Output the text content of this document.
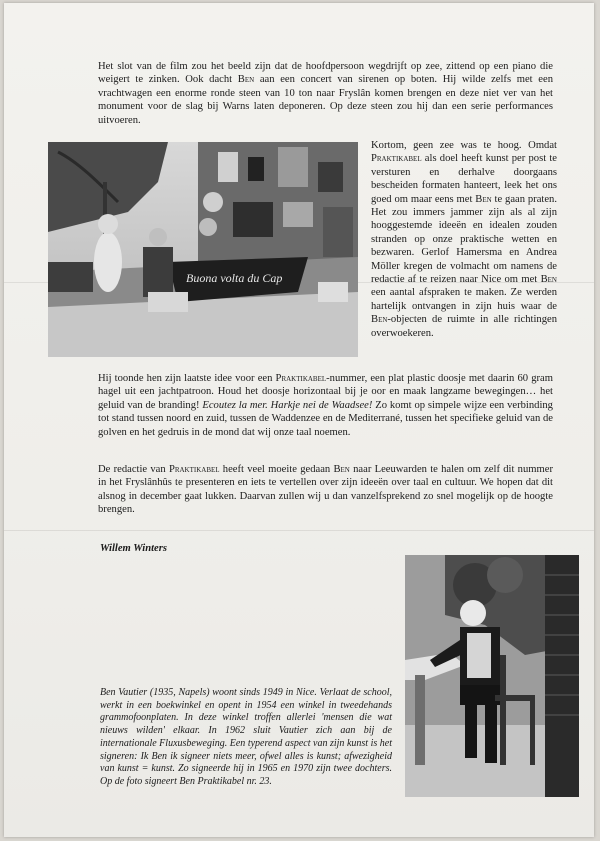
Het slot van de film zou het beeld zijn dat de hoofdpersoon wegdrijft op zee, zittend op een piano die weigert te zinken. Ook dacht Ben aan een concert van sirenen op boten. Hij wilde zelfs met een vrachtwagen een enorme ronde steen van 10 ton naar Fryslân komen brengen en deze niet ver van het monument voor de slag bij Warns laten deponeren. Op deze steen zou hij dan een serie performances uitvoeren.

Buona volta du Cap

Kortom, geen zee was te hoog. Omdat Praktikabel als doel heeft kunst per post te versturen en derhalve doorgaans bescheiden formaten hanteert, leek het ons goed om maar eens met Ben te gaan praten. Het zou immers jammer zijn als al zijn hooggestemde ideeën en idealen zouden stranden op onze praktische wetten en bezwaren. Gerlof Hamersma en Andrea Möller kregen de volmacht om namens de redactie af te reizen naar Nice om met Ben een aantal afspraken te maken. Ze werden hartelijk ontvangen in zijn huis waar de Ben-objecten de ruimte in alle richtingen overwoekeren.

Hij toonde hen zijn laatste idee voor een Praktikabel-nummer, een plat plastic doosje met daarin 60 gram hagel uit een jachtpatroon. Houd het doosje horizontaal bij je oor en maak langzame bewegingen… het geluid van de branding! Ecoutez la mer. Harkje nei de Waadsee! Zo komt op simpele wijze een verbinding tot stand tussen noord en zuid, tussen de Waddenzee en de Mediterrané, tussen het specifieke geluid van de golven en het gedruis in de mond dat wij onze taal noemen.

De redactie van Praktikabel heeft veel moeite gedaan Ben naar Leeuwarden te halen om zelf dit nummer in het Fryslânhûs te presenteren en iets te vertellen over zijn ideeën over taal en cultuur. We hopen dat dit alsnog in december gaat lukken. Daarvan zullen wij u dan vanzelfsprekend zo snel mogelijk op de hoogte brengen.

Willem Winters

Ben Vautier (1935, Napels) woont sinds 1949 in Nice. Verlaat de school, werkt in een boekwinkel en opent in 1954 een winkel in tweedehands grammofoonplaten. In deze winkel troffen allerlei 'mensen die wat nieuws wilden' elkaar. In 1962 sluit Vautier zich aan bij de internationale Fluxusbeweging. Een typerend aspect van zijn kunst is het signeren: Ik Ben ik signeer niets meer, ofwel alles is kunst; afwezigheid van kunst = kunst. Zo signeerde hij in 1965 en 1970 zijn twee dochters. Op de foto signeert Ben Praktikabel nr. 23.
